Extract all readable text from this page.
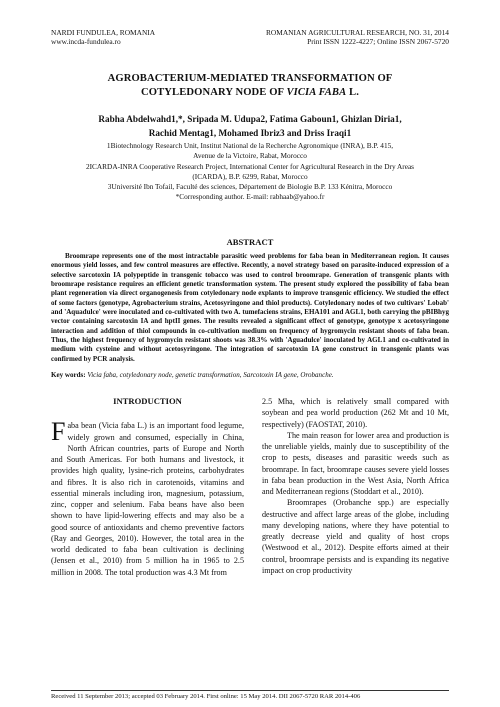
NARDI FUNDULEA, ROMANIA
www.incda-fundulea.ro
ROMANIAN AGRICULTURAL RESEARCH, NO. 31, 2014
Print ISSN 1222-4227; Online ISSN 2067-5720
AGROBACTERIUM-MEDIATED TRANSFORMATION OF
COTYLEDONARY NODE OF VICIA FABA L.
Rabha Abdelwahd1,*, Sripada M. Udupa2, Fatima Gaboun1, Ghizlan Diria1,
Rachid Mentag1, Mohamed Ibriz3 and Driss Iraqi1
1Biotechnology Research Unit, Institut National de la Recherche Agronomique (INRA), B.P. 415,
Avenue de la Victoire, Rabat, Morocco
2ICARDA-INRA Cooperative Research Project, International Center for Agricultural Research in the Dry Areas
(ICARDA), B.P. 6299, Rabat, Morocco
3Université Ibn Tofail, Faculté des sciences, Département de Biologie B.P. 133 Kénitra, Morocco
*Corresponding author. E-mail: rabhaab@yahoo.fr
ABSTRACT
Broomrape represents one of the most intractable parasitic weed problems for faba bean in Mediterranean region. It causes enormous yield losses, and few control measures are effective. Recently, a novel strategy based on parasite-induced expression of a selective sarcotoxin IA polypeptide in transgenic tobacco was used to control broomrape. Generation of transgenic plants with broomrape resistance requires an efficient genetic transformation system. The present study explored the possibility of faba bean plant regeneration via direct organogenesis from cotyledonary node explants to improve transgenic efficiency. We studied the effect of some factors (genotype, Agrobacterium strains, Acetosyringone and thiol products). Cotyledonary nodes of two cultivars' Lobab' and 'Aquadulce' were inoculated and co-cultivated with two A. tumefaciens strains, EHA101 and AGL1, both carrying the pBIBhyg vector containing sarcotoxin IA and hptII genes. The results revealed a significant effect of genotype, genotype x acetosyringone interaction and addition of thiol compounds in co-cultivation medium on frequency of hygromycin resistant shoots of faba bean. Thus, the highest frequency of hygromycin resistant shoots was 38.3% with 'Aguadulce' inoculated by AGL1 and co-cultivated in medium with cysteine and without acetosyringone. The integration of sarcotoxin IA gene construct in transgenic plants was confirmed by PCR analysis.
Key words: Vicia faba, cotyledonary node, genetic transformation, Sarcotoxin IA gene, Orobanche.
INTRODUCTION
F aba bean (Vicia faba L.) is an important food legume, widely grown and consumed, especially in China, North African countries, parts of Europe and North and South Americas. For both humans and livestock, it provides high quality, lysine-rich proteins, carbohydrates and fibres. It is also rich in carotenoids, vitamins and essential minerals including iron, magnesium, potassium, zinc, copper and selenium. Faba beans have also been shown to have lipid-lowering effects and may also be a good source of antioxidants and chemo preventive factors (Ray and Georges, 2010). However, the total area in the world dedicated to faba bean cultivation is declining (Jensen et al., 2010) from 5 million ha in 1965 to 2.5 million in 2008. The total production was 4.3 Mt from

2.5 Mha, which is relatively small compared with soybean and pea world production (262 Mt and 10 Mt, respectively) (FAOSTAT, 2010).

The main reason for lower area and production is the unreliable yields, mainly due to susceptibility of the crop to pests, diseases and parasitic weeds such as broomrape. In fact, broomrape causes severe yield losses in faba bean production in the West Asia, North Africa and Mediterranean regions (Stoddart et al., 2010).

Broomrapes (Orobanche spp.) are especially destructive and affect large areas of the globe, including many developing nations, where they have potential to greatly decrease yield and quality of host crops (Westwood et al., 2012). Despite efforts aimed at their control, broomrape persists and is expanding its negative impact on crop productivity

Received 11 September 2013; accepted 03 February 2014. First online: 15 May 2014. DII 2067-5720 RAR 2014-406
